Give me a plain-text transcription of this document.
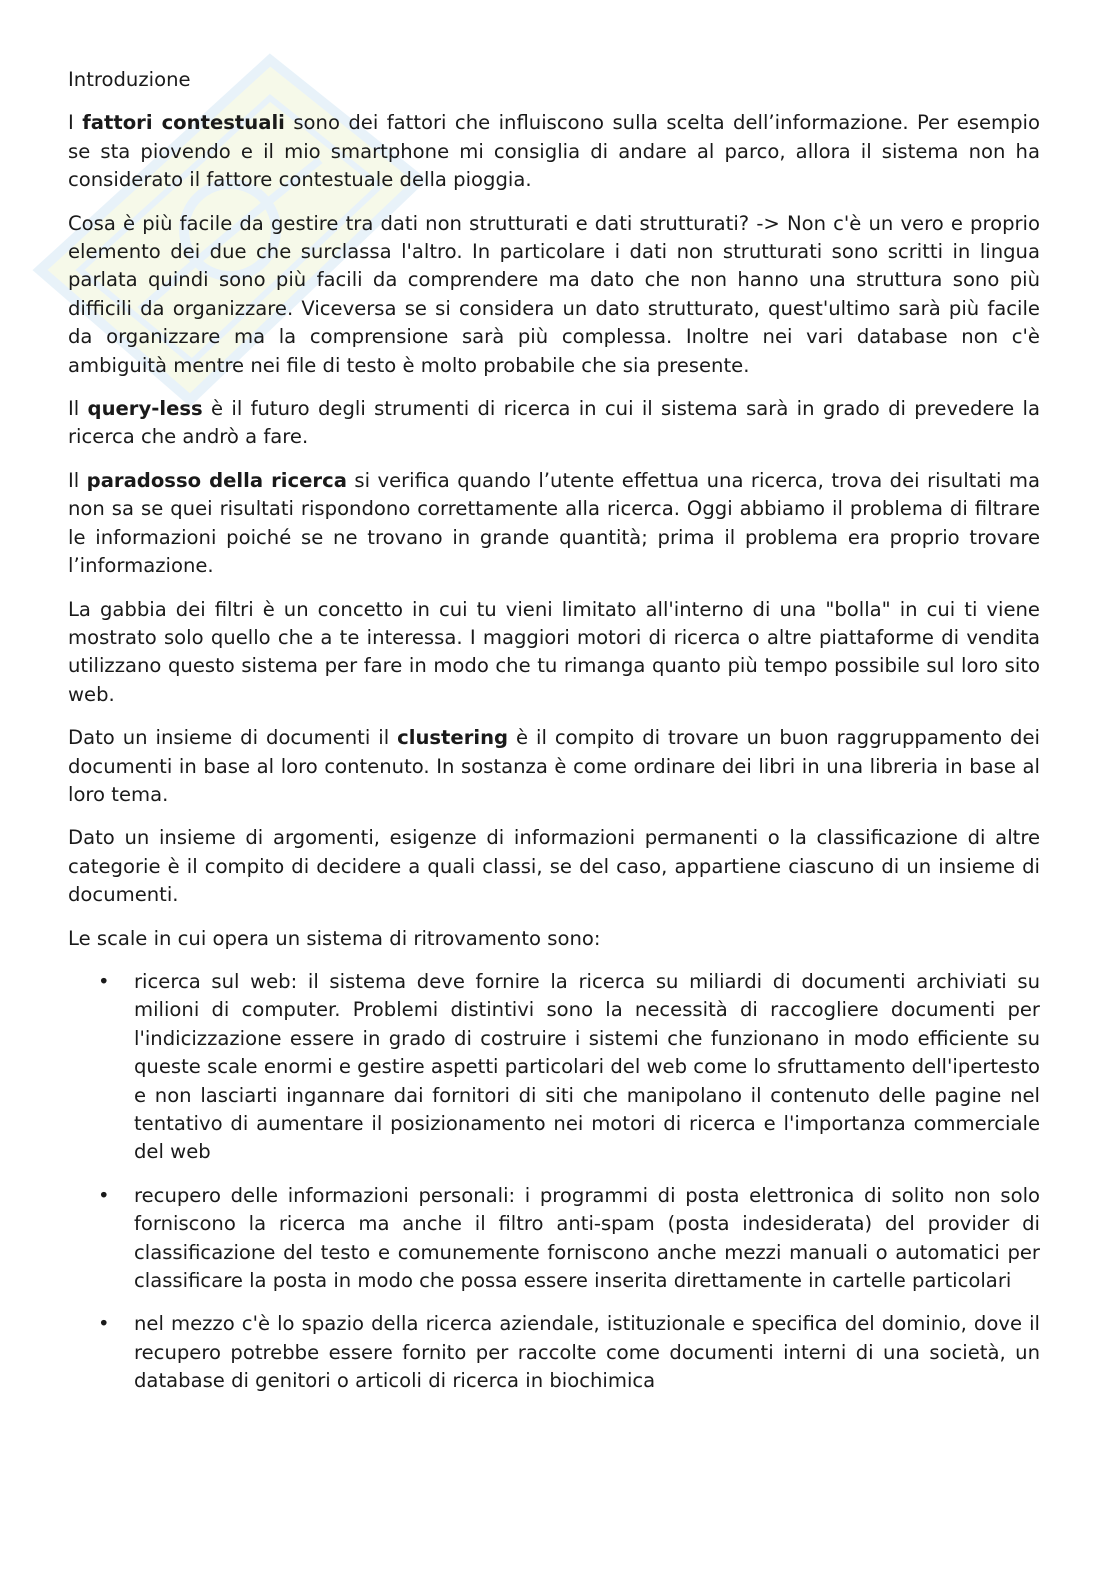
Introduzione

I fattori contestuali sono dei fattori che influiscono sulla scelta dell’informazione. Per esempio se sta piovendo e il mio smartphone mi consiglia di andare al parco, allora il sistema non ha considerato il fattore contestuale della pioggia.

Cosa è più facile da gestire tra dati non strutturati e dati strutturati? -> Non c'è un vero e proprio elemento dei due che surclassa l'altro. In particolare i dati non strutturati sono scritti in lingua parlata quindi sono più facili da comprendere ma dato che non hanno una struttura sono più difficili da organizzare. Viceversa se si considera un dato strutturato, quest'ultimo sarà più facile da organizzare ma la comprensione sarà più complessa. Inoltre nei vari database non c'è ambiguità mentre nei file di testo è molto probabile che sia presente.

Il query-less è il futuro degli strumenti di ricerca in cui il sistema sarà in grado di prevedere la ricerca che andrò a fare.

Il paradosso della ricerca si verifica quando l’utente effettua una ricerca, trova dei risultati ma non sa se quei risultati rispondono correttamente alla ricerca. Oggi abbiamo il problema di filtrare le informazioni poiché se ne trovano in grande quantità; prima il problema era proprio trovare l’informazione.

La gabbia dei filtri è un concetto in cui tu vieni limitato all'interno di una "bolla" in cui ti viene mostrato solo quello che a te interessa. I maggiori motori di ricerca o altre piattaforme di vendita utilizzano questo sistema per fare in modo che tu rimanga quanto più tempo possibile sul loro sito web.

Dato un insieme di documenti il clustering è il compito di trovare un buon raggruppamento dei documenti in base al loro contenuto. In sostanza è come ordinare dei libri in una libreria in base al loro tema.

Dato un insieme di argomenti, esigenze di informazioni permanenti o la classificazione di altre categorie è il compito di decidere a quali classi, se del caso, appartiene ciascuno di un insieme di documenti.

Le scale in cui opera un sistema di ritrovamento sono:

• ricerca sul web: il sistema deve fornire la ricerca su miliardi di documenti archiviati su milioni di computer. Problemi distintivi sono la necessità di raccogliere documenti per l'indicizzazione essere in grado di costruire i sistemi che funzionano in modo efficiente su queste scale enormi e gestire aspetti particolari del web come lo sfruttamento dell'ipertesto e non lasciarti ingannare dai fornitori di siti che manipolano il contenuto delle pagine nel tentativo di aumentare il posizionamento nei motori di ricerca e l'importanza commerciale del web
• recupero delle informazioni personali: i programmi di posta elettronica di solito non solo forniscono la ricerca ma anche il filtro anti-spam (posta indesiderata) del provider di classificazione del testo e comunemente forniscono anche mezzi manuali o automatici per classificare la posta in modo che possa essere inserita direttamente in cartelle particolari
• nel mezzo c'è lo spazio della ricerca aziendale, istituzionale e specifica del dominio, dove il recupero potrebbe essere fornito per raccolte come documenti interni di una società, un database di genitori o articoli di ricerca in biochimica
